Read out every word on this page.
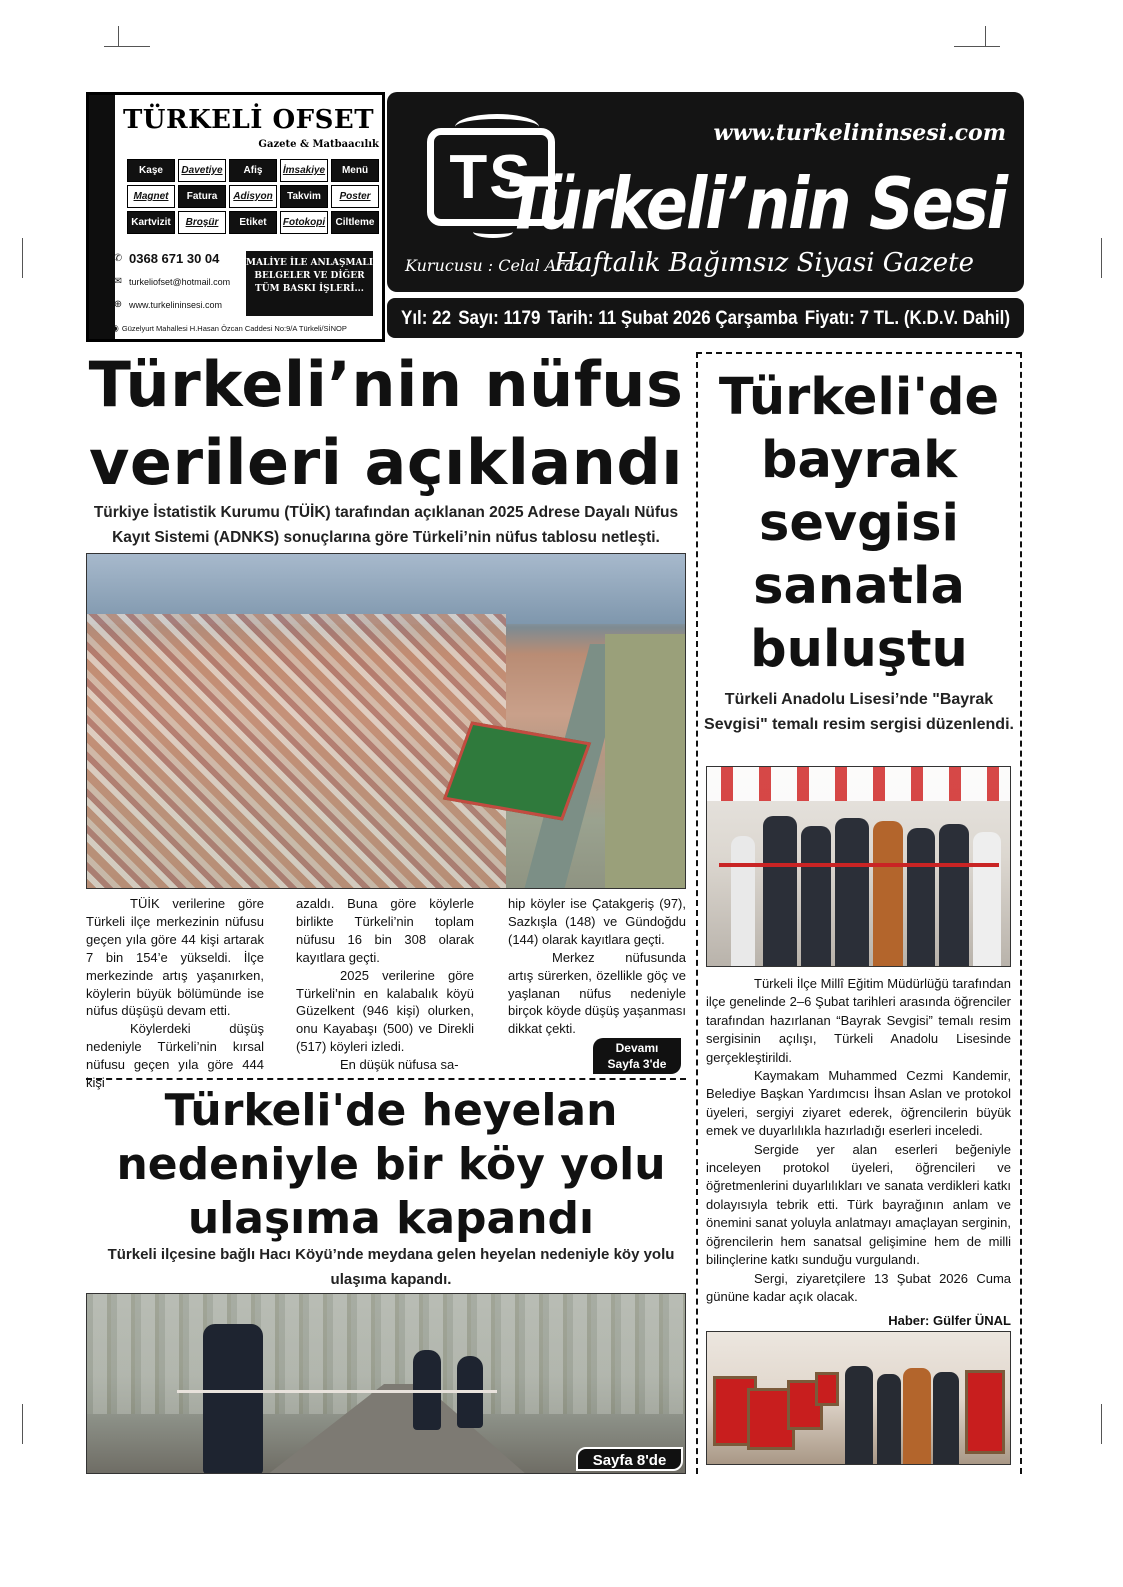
TÜRKELİ OFSET
Gazete & Matbaacılık
Kaşe	Davetiye	Afiş	İmsakiye	Menü
Magnet	Fatura	Adisyon	Takvim	Poster
Kartvizit	Broşür	Etiket	Fotokopi	Ciltleme
✆ 0368 671 30 04
✉ turkeliofset@hotmail.com
⊕ www.turkelininsesi.com
MALİYE İLE ANLAŞMALI BELGELER VE DİĞER TÜM BASKI İŞLERİ...
◉ Güzelyurt Mahallesi H.Hasan Özcan Caddesi No:9/A Türkeli/SİNOP
TS
www.turkelininsesi.com
Türkeli’nin Sesi
Kurucusu : Celal Araz
Haftalık Bağımsız Siyasi Gazete
Yıl: 22 Sayı: 1179 Tarih: 11 Şubat 2026 Çarşamba Fiyatı: 7 TL. (K.D.V. Dahil)
Türkeli’nin nüfus verileri açıklandı
Türkiye İstatistik Kurumu (TÜİK) tarafından açıklanan 2025 Adrese Dayalı Nüfus Kayıt Sistemi (ADNKS) sonuçlarına göre Türkeli’nin nüfus tablosu netleşti.

TÜİK verilerine göre Türkeli ilçe merkezinin nüfusu geçen yıla göre 44 kişi artarak 7 bin 154’e yükseldi. İlçe merkezinde artış yaşanırken, köylerin büyük bölümünde ise nüfus düşüşü devam etti.

Köylerdeki düşüş nedeniyle Türkeli’nin kırsal nüfusu geçen yıla göre 444 kişi

azaldı. Buna göre köylerle birlikte Türkeli’nin toplam nüfusu 16 bin 308 olarak kayıtlara geçti.

2025 verilerine göre Türkeli’nin en kalabalık köyü Güzelkent (946 kişi) olurken, onu Kayabaşı (500) ve Direkli (517) köyleri izledi.

En düşük nüfusa sa-

hip köyler ise Çatakgeriş (97), Sazkışla (148) ve Gündoğdu (144) olarak kayıtlara geçti.

Merkez nüfusunda artış sürerken, özellikle göç ve yaşlanan nüfus nedeniyle birçok köyde düşüş yaşanması dikkat çekti.

Devamı
Sayfa 3'de
Türkeli'de heyelan nedeniyle bir köy yolu ulaşıma kapandı
Türkeli ilçesine bağlı Hacı Köyü’nde meydana gelen heyelan nedeniyle köy yolu ulaşıma kapandı.
Sayfa 8'de
Türkeli'de bayrak sevgisi sanatla buluştu
Türkeli Anadolu Lisesi’nde "Bayrak Sevgisi" temalı resim sergisi düzenlendi.

Türkeli İlçe Millî Eğitim Müdürlüğü tarafından ilçe genelinde 2–6 Şubat tarihleri arasında öğrenciler tarafından hazırlanan “Bayrak Sevgisi” temalı resim sergisinin açılışı, Türkeli Anadolu Lisesinde gerçekleştirildi.

Kaymakam Muhammed Cezmi Kandemir, Belediye Başkan Yardımcısı İhsan Aslan ve protokol üyeleri, sergiyi ziyaret ederek, öğrencilerin büyük emek ve duyarlılıkla hazırladığı eserleri inceledi.

Sergide yer alan eserleri beğeniyle inceleyen protokol üyeleri, öğrencileri ve öğretmenlerini duyarlılıkları ve sanata verdikleri katkı dolayısıyla tebrik etti. Türk bayrağının anlam ve önemini sanat yoluyla anlatmayı amaçlayan serginin, öğrencilerin hem sanatsal gelişimine hem de milli bilinçlerine katkı sunduğu vurgulandı.

Sergi, ziyaretçilere 13 Şubat 2026 Cuma gününe kadar açık olacak.

Haber: Gülfer ÜNAL
